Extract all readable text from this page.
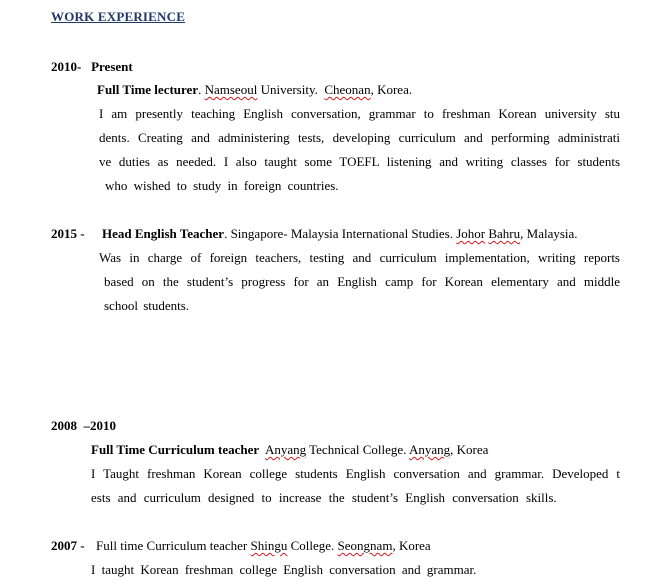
WORK EXPERIENCE
2010-   Present
Full Time lecturer. Namseoul University.  Cheonan, Korea.
I am presently teaching English conversation, grammar to freshman Korean university stu
dents. Creating and administering tests, developing curriculum and performing administrati
ve duties as needed. I also taught some TOEFL listening and writing classes for students
who wished to study in foreign countries.
2015 - Head English Teacher. Singapore- Malaysia International Studies. Johor Bahru, Malaysia.
Was in charge of foreign teachers, testing and curriculum implementation, writing reports
based on the student’s progress for an English camp for Korean elementary and middle
school students.
2008  –2010
Full Time Curriculum teacher Anyang Technical College. Anyang, Korea
I Taught freshman Korean college students English conversation and grammar. Developed t
ests and curriculum designed to increase the student’s English conversation skills.
2007 - Full time Curriculum teacher Shingu College. Seongnam, Korea
I taught Korean freshman college English conversation and grammar.
